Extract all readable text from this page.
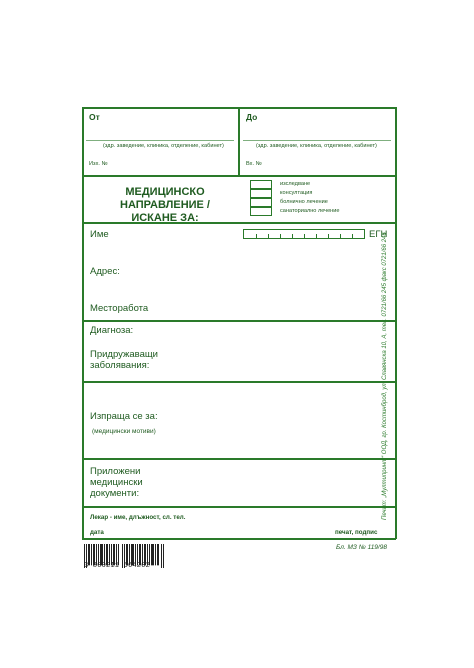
От
(здр. заведение, клиника, отделение, кабинет)
Изх. №
До
(здр. заведение, клиника, отделение, кабинет)
Вх. №
МЕДИЦИНСКО
НАПРАВЛЕНИЕ / ИСКАНЕ ЗА:
изследване
консултация
болнично лечение
санаториално лечение
Име	ЕГН
Адрес:
Месторабота
Диагноза:
Придружаващи
заболявания:
Изпраща се за:
(медицински мотиви)
Приложени
медицински
документи:
Лекар - име, длъжност, сл. тел.
дата	печат, подпис
Бл. МЗ № 119/98
Печат: „Мултипринт“ ООД, гр. Костинброд, ул. Славянска 10, А, тел. 0721/66 245 факс 0721/66 246
3 800211 564202
